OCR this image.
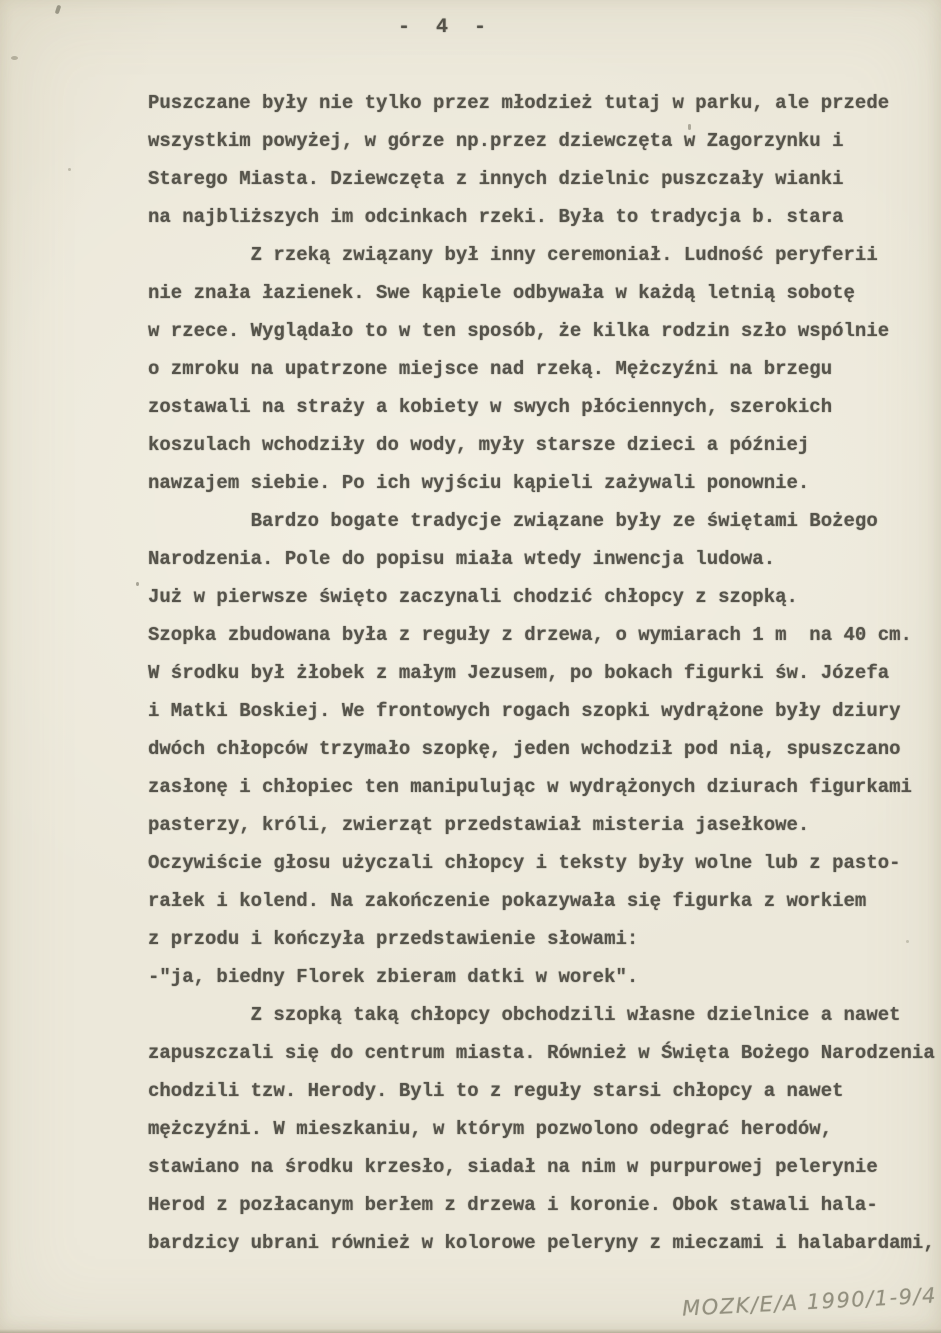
- 4 -
Puszczane były nie tylko przez młodzież tutaj w parku, ale przede
wszystkim powyżej, w górze np.przez dziewczęta w Zagorzynku i
Starego Miasta. Dziewczęta z innych dzielnic puszczały wianki
na najbliższych im odcinkach rzeki. Była to tradycja b. stara
Z rzeką związany był inny ceremoniał. Ludność peryferii
nie znała łazienek. Swe kąpiele odbywała w każdą letnią sobotę
w rzece. Wyglądało to w ten sposób, że kilka rodzin szło wspólnie
o zmroku na upatrzone miejsce nad rzeką. Mężczyźni na brzegu
zostawali na straży a kobiety w swych płóciennych, szerokich
koszulach wchodziły do wody, myły starsze dzieci a później
nawzajem siebie. Po ich wyjściu kąpieli zażywali ponownie.
Bardzo bogate tradycje związane były ze świętami Bożego
Narodzenia. Pole do popisu miała wtedy inwencja ludowa.
Już w pierwsze święto zaczynali chodzić chłopcy z szopką.
Szopka zbudowana była z reguły z drzewa, o wymiarach 1 m  na 40 cm.
W środku był żłobek z małym Jezusem, po bokach figurki św. Józefa
i Matki Boskiej. We frontowych rogach szopki wydrążone były dziury
dwóch chłopców trzymało szopkę, jeden wchodził pod nią, spuszczano
zasłonę i chłopiec ten manipulując w wydrążonych dziurach figurkami
pasterzy, króli, zwierząt przedstawiał misteria jasełkowe.
Oczywiście głosu użyczali chłopcy i teksty były wolne lub z pasto-
rałek i kolend. Na zakończenie pokazywała się figurka z workiem
z przodu i kończyła przedstawienie słowami:
-"ja, biedny Florek zbieram datki w worek".
Z szopką taką chłopcy obchodzili własne dzielnice a nawet
zapuszczali się do centrum miasta. Również w Święta Bożego Narodzenia
chodzili tzw. Herody. Byli to z reguły starsi chłopcy a nawet
mężczyźni. W mieszkaniu, w którym pozwolono odegrać herodów,
stawiano na środku krzesło, siadał na nim w purpurowej pelerynie
Herod z pozłacanym berłem z drzewa i koronie. Obok stawali hala-
bardzicy ubrani również w kolorowe peleryny z mieczami i halabardami,
MOZK/E/A 1990/1-9/4
